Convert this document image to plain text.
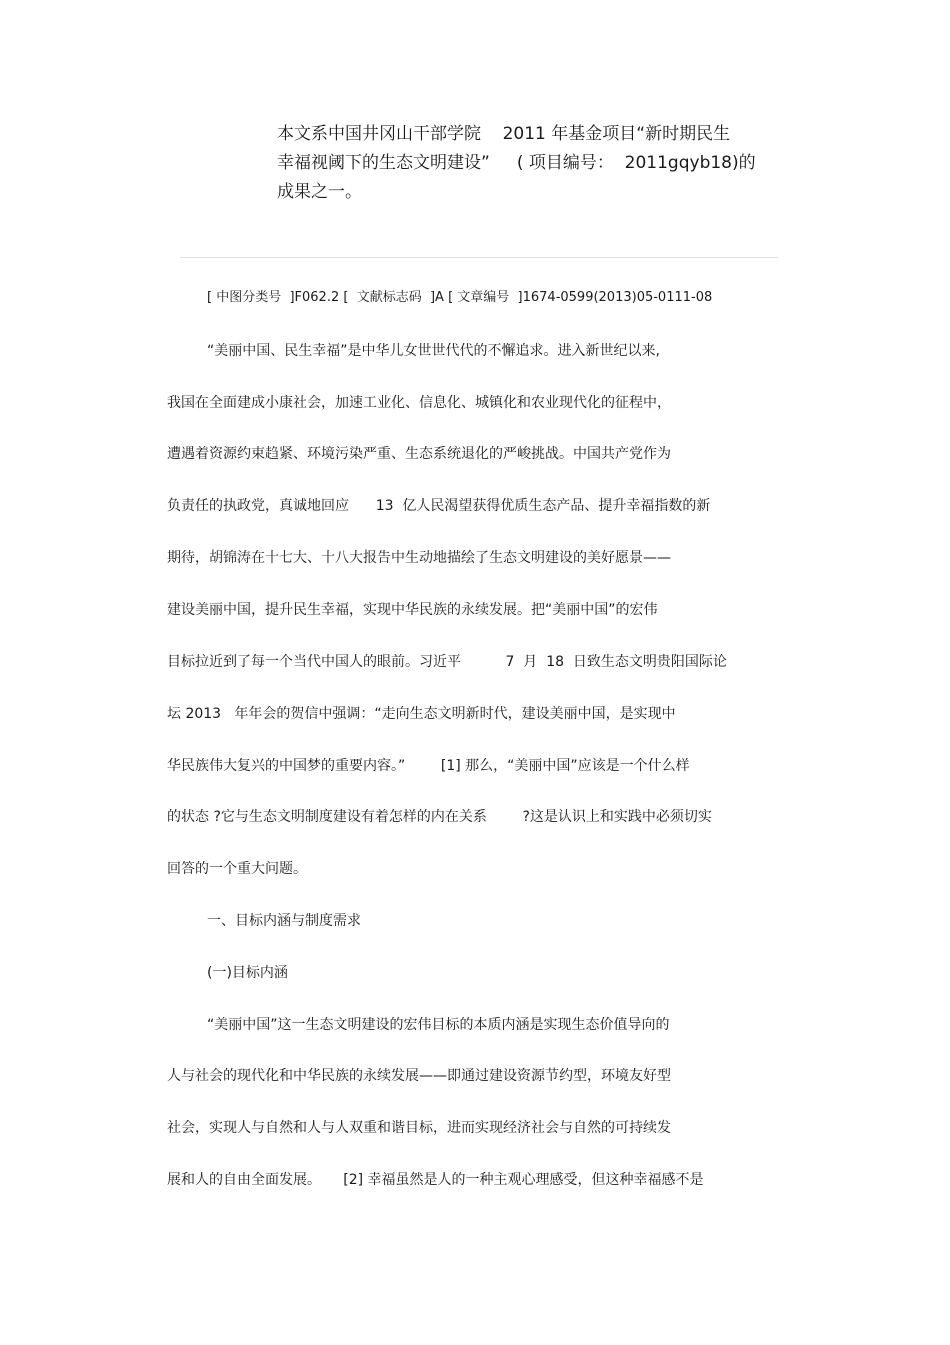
本文系中国井冈山干部学院    2011 年基金项目“新时期民生
幸福视阈下的生态文明建设”     ( 项目编号：  2011gqyb18)的
成果之一。
[ 中图分类号  ]F062.2 [  文献标志码  ]A [ 文章编号  ]1674-0599(2013)05-0111-08
“美丽中国、民生幸福”是中华儿女世世代代的不懈追求。进入新世纪以来,
我国在全面建成小康社会，加速工业化、信息化、城镇化和农业现代化的征程中，
遭遇着资源约束趋紧、环境污染严重、生态系统退化的严峻挑战。中国共产党作为
负责任的执政党，真诚地回应      13  亿人民渴望获得优质生态产品、提升幸福指数的新
期待，胡锦涛在十七大、十八大报告中生动地描绘了生态文明建设的美好愿景——
建设美丽中国，提升民生幸福，实现中华民族的永续发展。把“美丽中国”的宏伟
目标拉近到了每一个当代中国人的眼前。习近平          7  月  18  日致生态文明贵阳国际论
坛 2013   年年会的贺信中强调：“走向生态文明新时代，建设美丽中国，是实现中
华民族伟大复兴的中国梦的重要内容。”        [1] 那么，“美丽中国”应该是一个什么样
的状态 ?它与生态文明制度建设有着怎样的内在关系        ?这是认识上和实践中必须切实
回答的一个重大问题。
一、目标内涵与制度需求
(一)目标内涵
“美丽中国”这一生态文明建设的宏伟目标的本质内涵是实现生态价值导向的
人与社会的现代化和中华民族的永续发展——即通过建设资源节约型，环境友好型
社会，实现人与自然和人与人双重和谐目标，进而实现经济社会与自然的可持续发
展和人的自由全面发展。     [2] 幸福虽然是人的一种主观心理感受，但这种幸福感不是
